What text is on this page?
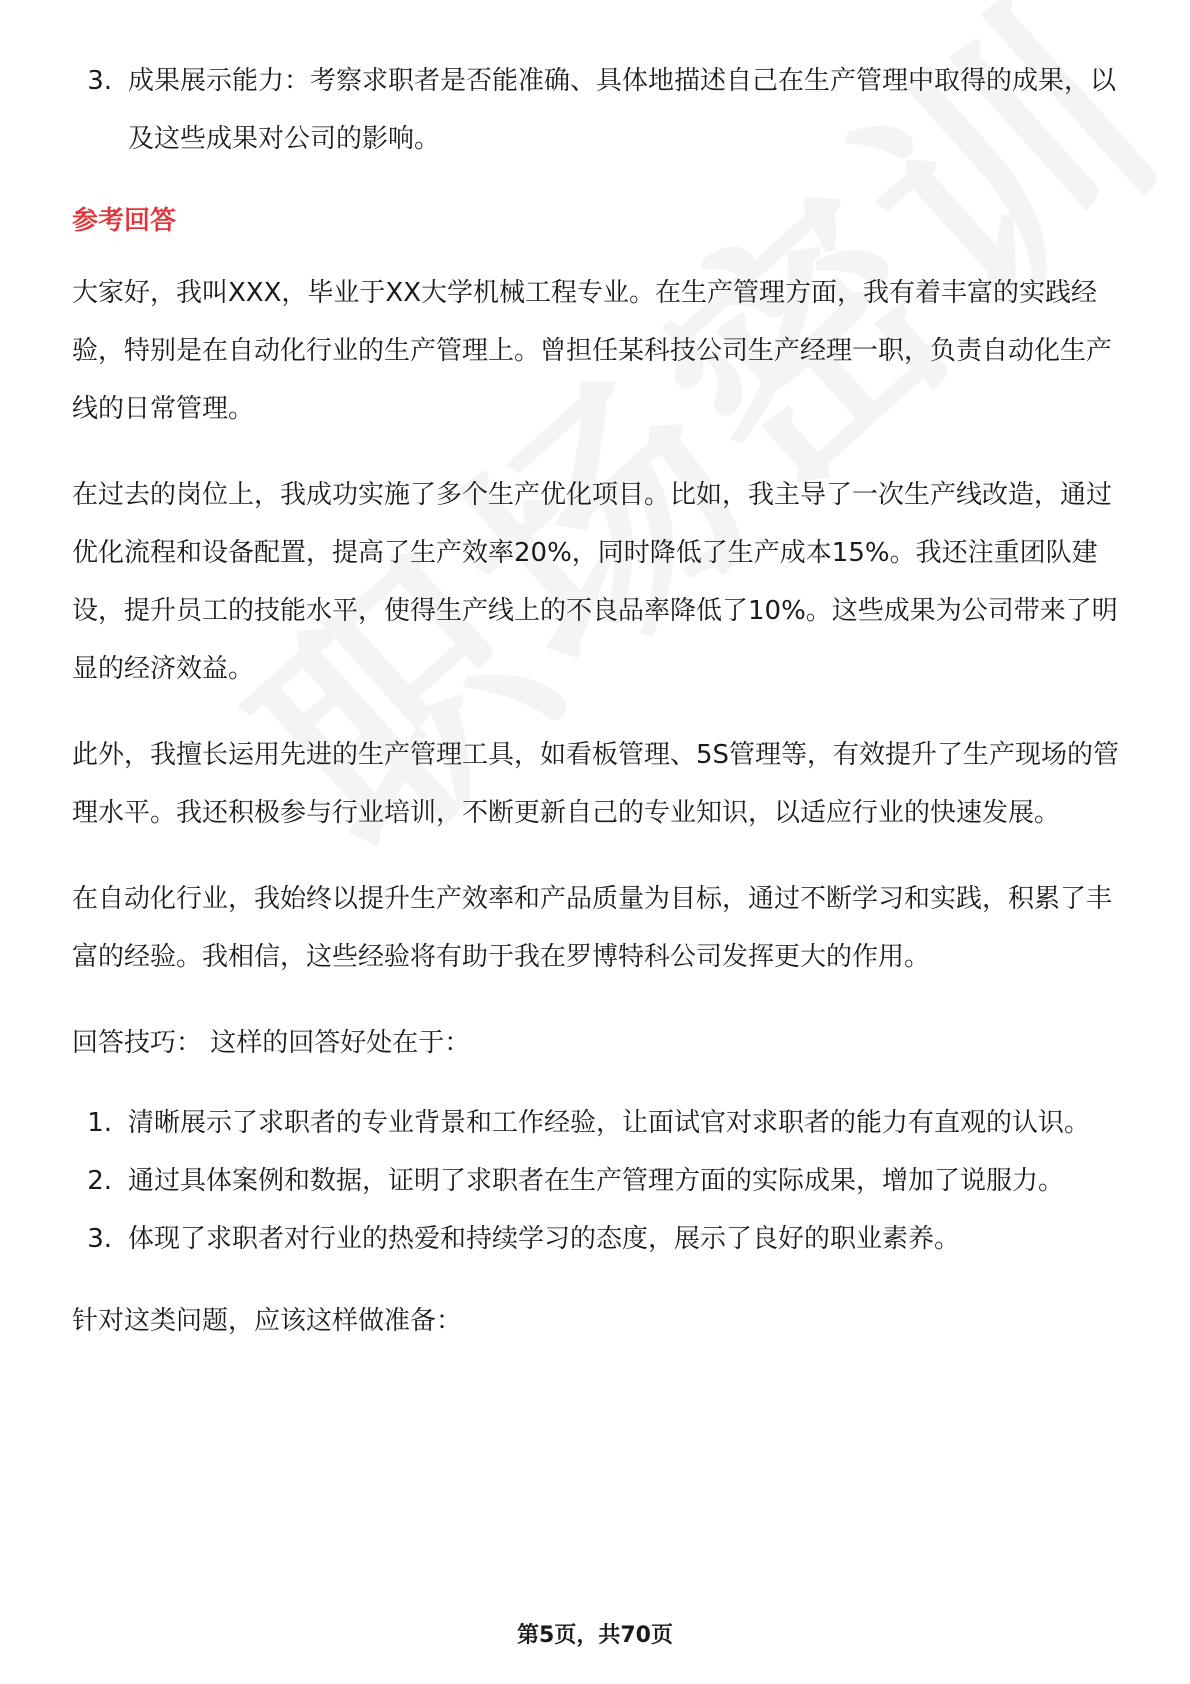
3. 成果展示能力：考察求职者是否能准确、具体地描述自己在生产管理中取得的成果，以及这些成果对公司的影响。
参考回答

大家好，我叫XXX，毕业于XX大学机械工程专业。在生产管理方面，我有着丰富的实践经验，特别是在自动化行业的生产管理上。曾担任某科技公司生产经理一职，负责自动化生产线的日常管理。

在过去的岗位上，我成功实施了多个生产优化项目。比如，我主导了一次生产线改造，通过优化流程和设备配置，提高了生产效率20%，同时降低了生产成本15%。我还注重团队建设，提升员工的技能水平，使得生产线上的不良品率降低了10%。这些成果为公司带来了明显的经济效益。

此外，我擅长运用先进的生产管理工具，如看板管理、5S管理等，有效提升了生产现场的管理水平。我还积极参与行业培训，不断更新自己的专业知识，以适应行业的快速发展。

在自动化行业，我始终以提升生产效率和产品质量为目标，通过不断学习和实践，积累了丰富的经验。我相信，这些经验将有助于我在罗博特科公司发挥更大的作用。

回答技巧： 这样的回答好处在于：

1. 清晰展示了求职者的专业背景和工作经验，让面试官对求职者的能力有直观的认识。
2. 通过具体案例和数据，证明了求职者在生产管理方面的实际成果，增加了说服力。
3. 体现了求职者对行业的热爱和持续学习的态度，展示了良好的职业素养。

针对这类问题，应该这样做准备：

第5页，共70页
